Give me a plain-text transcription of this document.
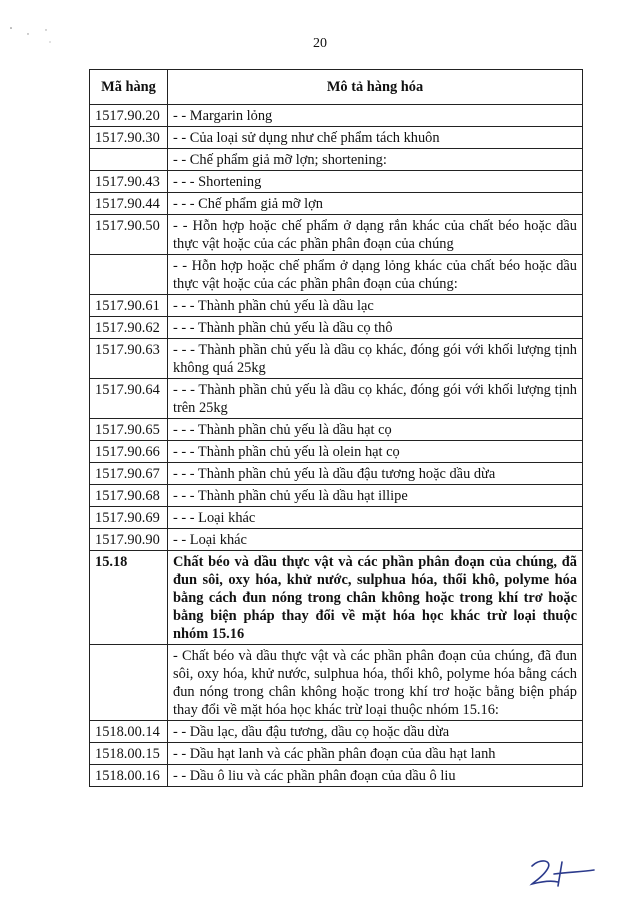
20
Mã hàng	Mô tả hàng hóa
1517.90.20	- - Margarin lỏng
1517.90.30	- - Của loại sử dụng như chế phẩm tách khuôn
	- - Chế phẩm giả mỡ lợn; shortening:
1517.90.43	- - - Shortening
1517.90.44	- - - Chế phẩm giả mỡ lợn
1517.90.50	- - Hỗn hợp hoặc chế phẩm ở dạng rắn khác của chất béo hoặc dầu thực vật hoặc của các phần phân đoạn của chúng
	- - Hỗn hợp hoặc chế phẩm ở dạng lỏng khác của chất béo hoặc dầu thực vật hoặc của các phần phân đoạn của chúng:
1517.90.61	- - - Thành phần chủ yếu là dầu lạc
1517.90.62	- - - Thành phần chủ yếu là dầu cọ thô
1517.90.63	- - - Thành phần chủ yếu là dầu cọ khác, đóng gói với khối lượng tịnh không quá 25kg
1517.90.64	- - - Thành phần chủ yếu là dầu cọ khác, đóng gói với khối lượng tịnh trên 25kg
1517.90.65	- - - Thành phần chủ yếu là dầu hạt cọ
1517.90.66	- - - Thành phần chủ yếu là olein hạt cọ
1517.90.67	- - - Thành phần chủ yếu là dầu đậu tương hoặc dầu dừa
1517.90.68	- - - Thành phần chủ yếu là dầu hạt illipe
1517.90.69	- - - Loại khác
1517.90.90	- - Loại khác
15.18	Chất béo và dầu thực vật và các phần phân đoạn của chúng, đã đun sôi, oxy hóa, khử nước, sulphua hóa, thổi khô, polyme hóa bằng cách đun nóng trong chân không hoặc trong khí trơ hoặc bằng biện pháp thay đổi về mặt hóa học khác trừ loại thuộc nhóm 15.16
	- Chất béo và dầu thực vật và các phần phân đoạn của chúng, đã đun sôi, oxy hóa, khử nước, sulphua hóa, thổi khô, polyme hóa bằng cách đun nóng trong chân không hoặc trong khí trơ hoặc bằng biện pháp thay đổi về mặt hóa học khác trừ loại thuộc nhóm 15.16:
1518.00.14	- - Dầu lạc, dầu đậu tương, dầu cọ hoặc dầu dừa
1518.00.15	- - Dầu hạt lanh và các phần phân đoạn của dầu hạt lanh
1518.00.16	- - Dầu ô liu và các phần phân đoạn của dầu ô liu
